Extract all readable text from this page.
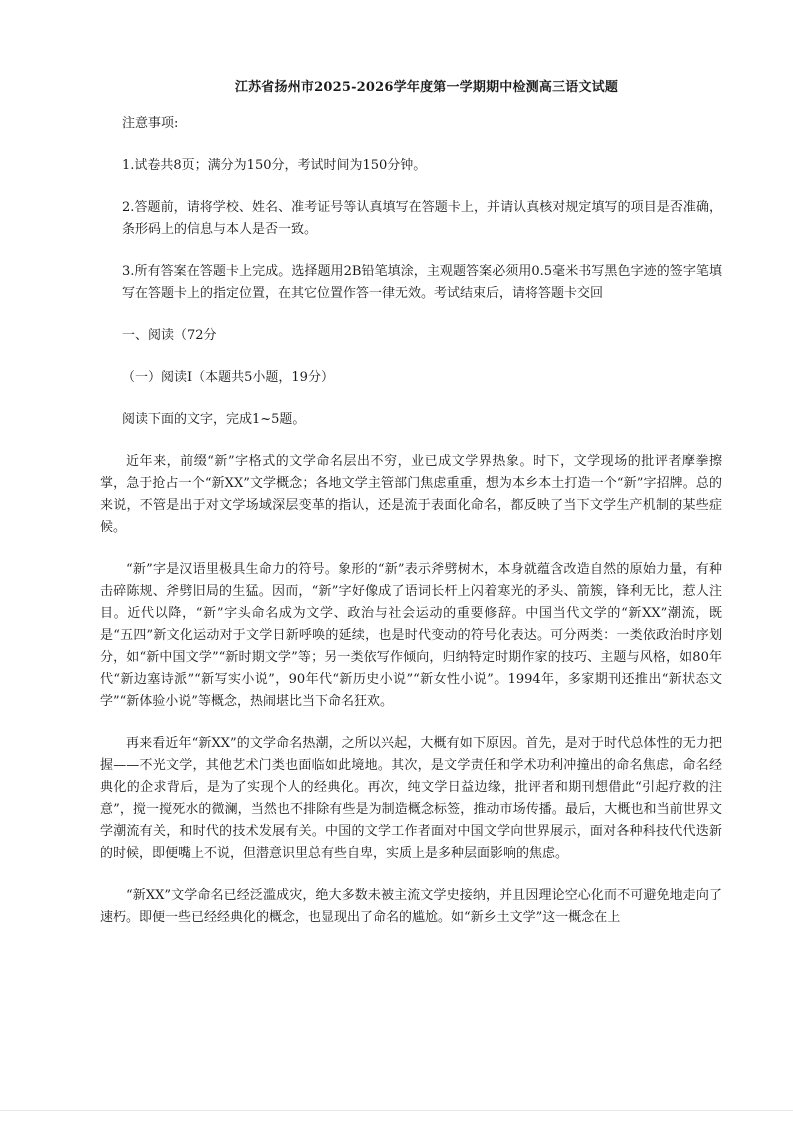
江苏省扬州市2025-2026学年度第一学期期中检测高三语文试题

注意事项:

1.试卷共8页；满分为150分，考试时间为150分钟。

2.答题前，请将学校、姓名、准考证号等认真填写在答题卡上，并请认真核对规定填写的项目是否准确，条形码上的信息与本人是否一致。

3.所有答案在答题卡上完成。选择题用2B铅笔填涂，主观题答案必须用0.5毫米书写黑色字迹的签字笔填写在答题卡上的指定位置，在其它位置作答一律无效。考试结束后，请将答题卡交回

一、阅读（72分

（一）阅读I（本题共5小题，19分）

阅读下面的文字，完成1~5题。

近年来，前缀“新”字格式的文学命名层出不穷，业已成文学界热象。时下，文学现场的批评者摩拳擦掌，急于抢占一个“新XX”文学概念；各地文学主管部门焦虑重重，想为本乡本土打造一个“新”字招牌。总的来说，不管是出于对文学场域深层变革的指认，还是流于表面化命名，都反映了当下文学生产机制的某些症候。

“新”字是汉语里极具生命力的符号。象形的“新”表示斧劈树木，本身就蕴含改造自然的原始力量，有种击碎陈规、斧劈旧局的生猛。因而，“新”字好像成了语词长杆上闪着寒光的矛头、箭簇，锋利无比，惹人注目。近代以降，“新”字头命名成为文学、政治与社会运动的重要修辞。中国当代文学的“新XX”潮流，既是“五四”新文化运动对于文学日新呼唤的延续，也是时代变动的符号化表达。可分两类：一类依政治时序划分，如“新中国文学”“新时期文学”等；另一类依写作倾向，归纳特定时期作家的技巧、主题与风格，如80年代“新边塞诗派”“新写实小说”，90年代“新历史小说”“新女性小说”。1994年，多家期刊还推出“新状态文学”“新体验小说”等概念，热闹堪比当下命名狂欢。

再来看近年“新XX”的文学命名热潮，之所以兴起，大概有如下原因。首先，是对于时代总体性的无力把握——不光文学，其他艺术门类也面临如此境地。其次，是文学责任和学术功利冲撞出的命名焦虑，命名经典化的企求背后，是为了实现个人的经典化。再次，纯文学日益边缘，批评者和期刊想借此“引起疗救的注意”，搅一搅死水的微澜，当然也不排除有些是为制造概念标签，推动市场传播。最后，大概也和当前世界文学潮流有关，和时代的技术发展有关。中国的文学工作者面对中国文学向世界展示，面对各种科技代代迭新的时候，即便嘴上不说，但潜意识里总有些自卑，实质上是多种层面影响的焦虑。

“新XX”文学命名已经泛滥成灾，绝大多数未被主流文学史接纳，并且因理论空心化而不可避免地走向了速朽。即便一些已经经典化的概念，也显现出了命名的尴尬。如“新乡土文学”这一概念在上
